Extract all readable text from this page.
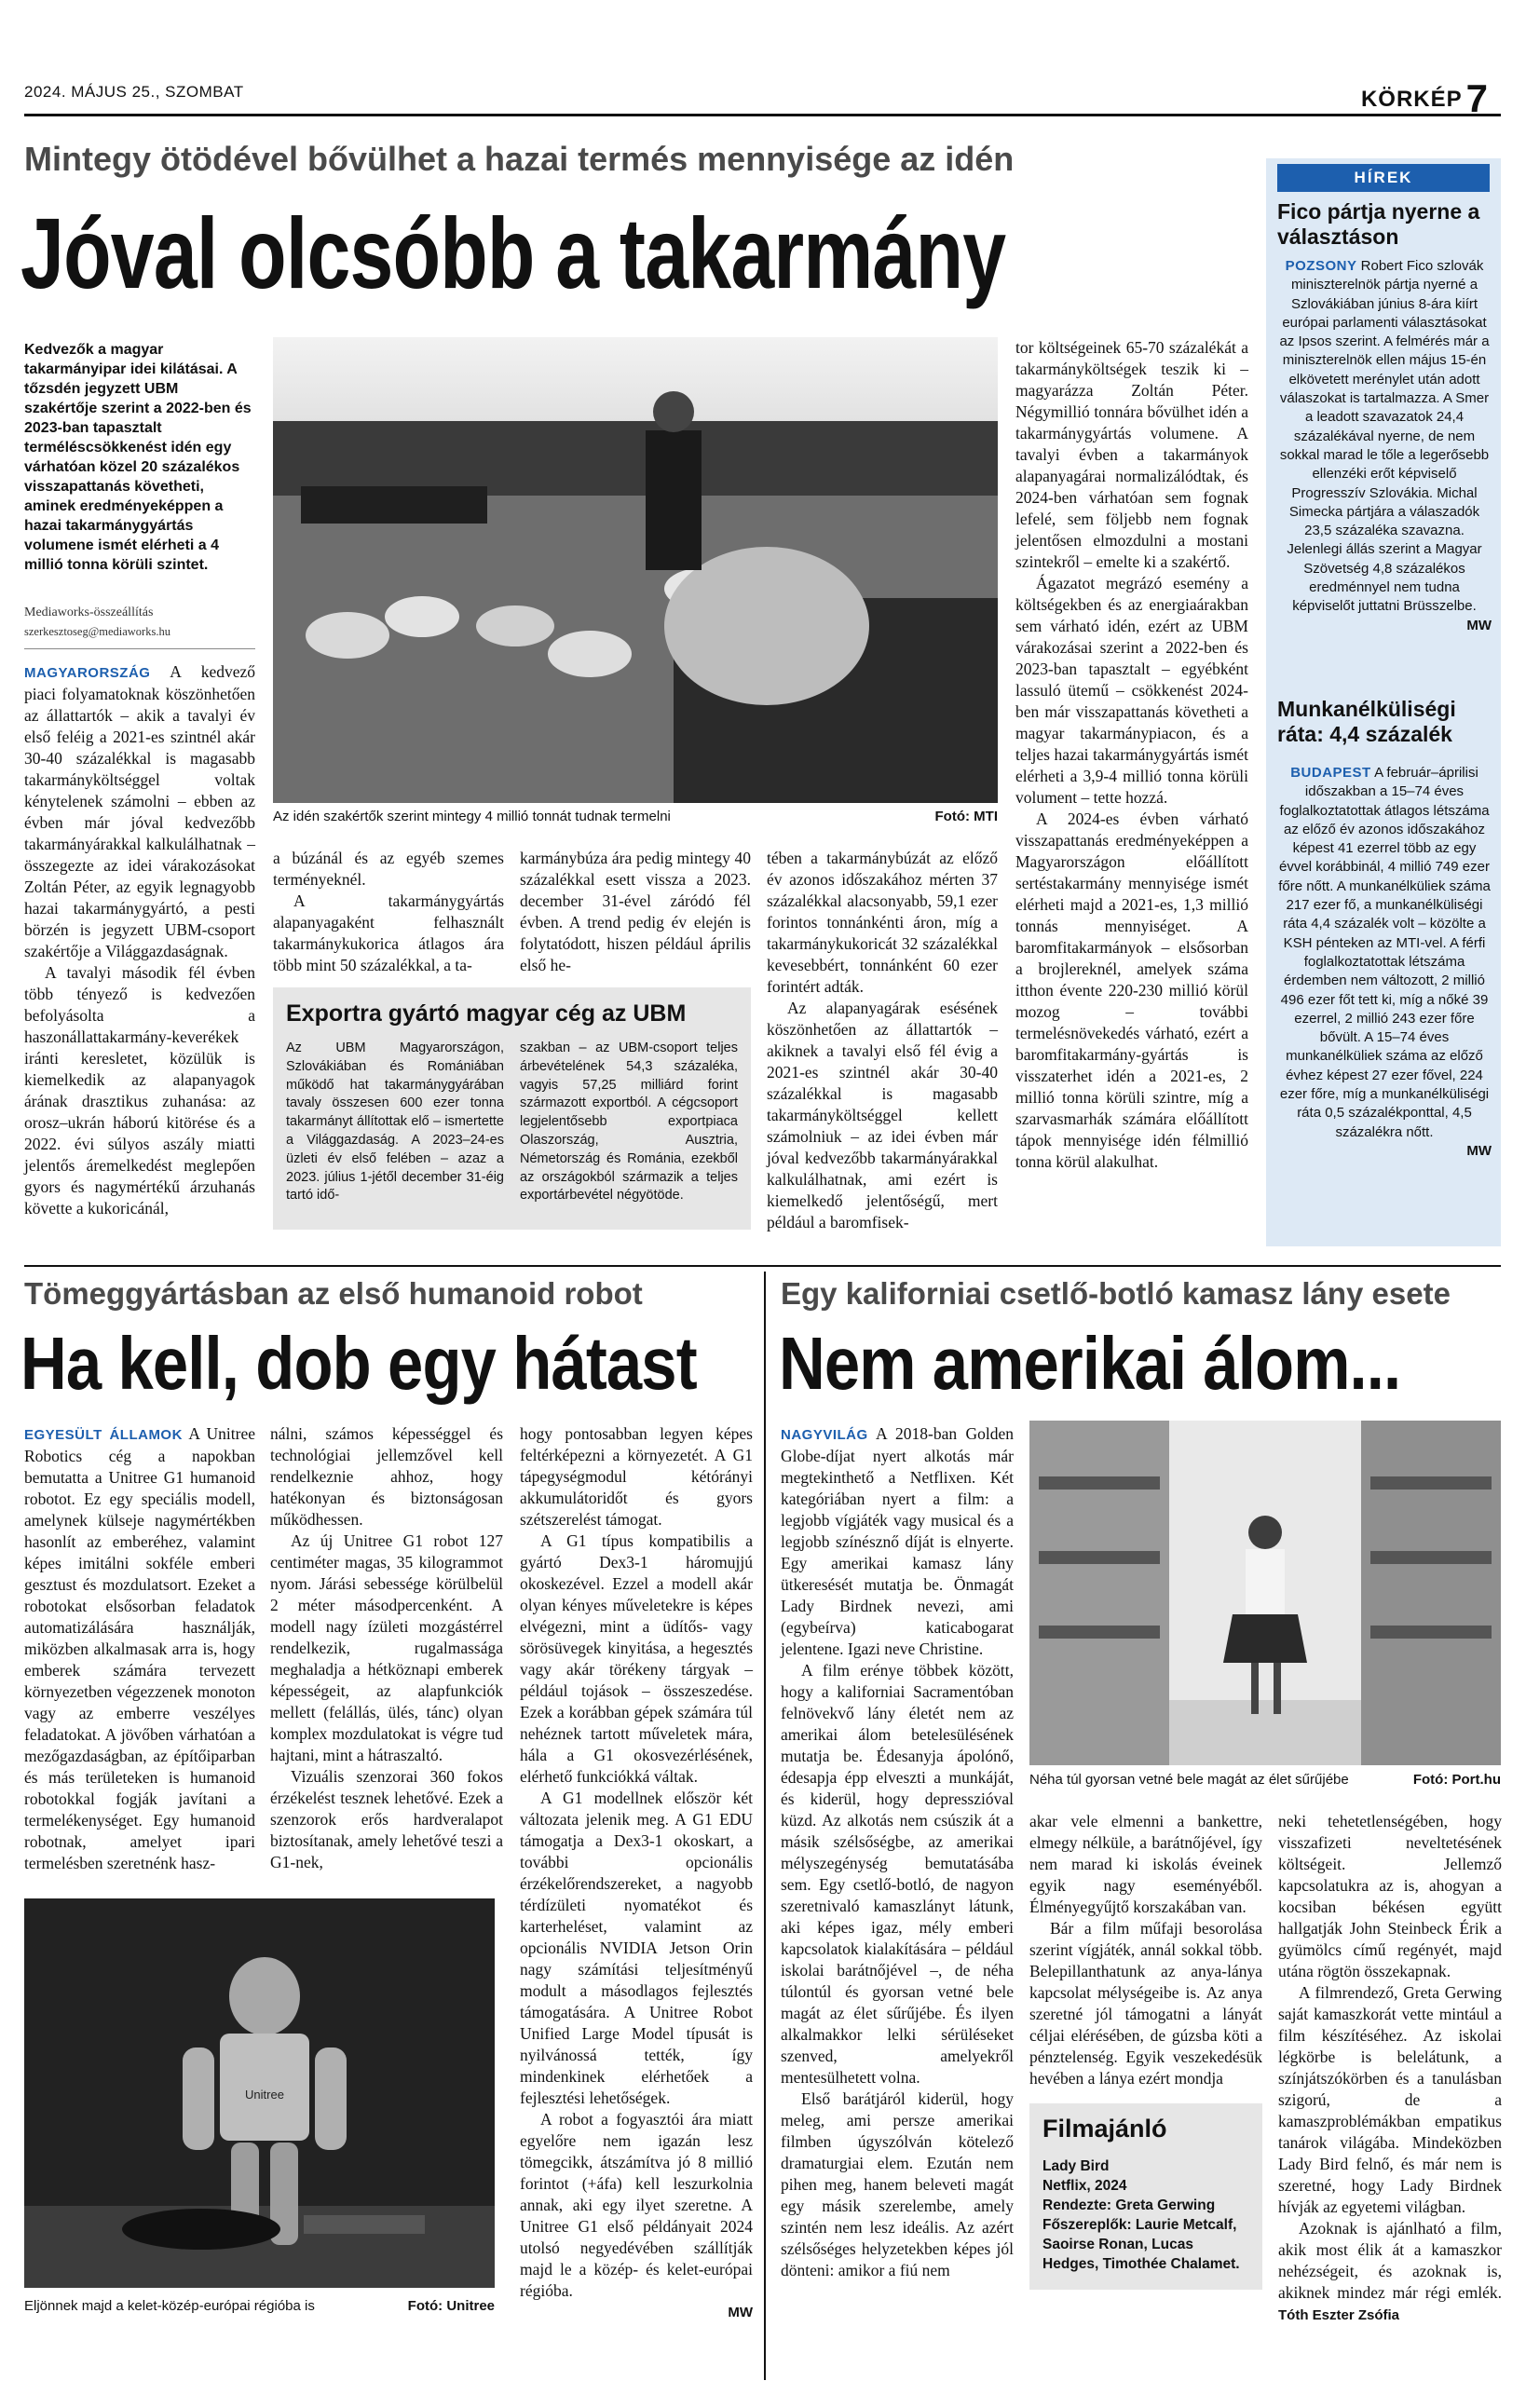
2024. MÁJUS 25., SZOMBAT	KÖRKÉP7
Mintegy ötödével bővülhet a hazai termés mennyisége az idén
Jóval olcsóbb a takarmány
Kedvezők a magyar takarmányipar idei kilátásai. A tőzsdén jegyzett UBM szakértője szerint a 2022-ben és 2023-ban tapasztalt terméléscsökkenést idén egy várhatóan közel 20 százalékos visszapattanás követheti, aminek eredményeképpen a hazai takarmánygyártás volumene ismét elérheti a 4 millió tonna körüli szintet.
Mediaworks-összeállítás
szerkesztoseg@mediaworks.hu

MAGYARORSZÁG A kedvező piaci folyamatoknak köszönhetően az állattartók – akik a tavalyi év első feléig a 2021-es szintnél akár 30-40 százalékkal is magasabb takarmányköltséggel voltak kénytelenek számolni – ebben az évben már jóval kedvezőbb takarmányárakkal kalkulálhatnak – összegezte az idei várakozásokat Zoltán Péter, az egyik legnagyobb hazai takarmánygyártó, a pesti börzén is jegyzett UBM-csoport szakértője a Világgazdaságnak.

A tavalyi második fél évben több tényező is kedvezően befolyásolta a haszonállattakarmány-keverékek iránti keresletet, közülük is kiemelkedik az alapanyagok árának drasztikus zuhanása: az orosz–ukrán háború kitörése és a 2022. évi súlyos aszály miatti jelentős áremelkedést meglepően gyors és nagymértékű árzuhanás követte a kukoricánál,

Az idén szakértők szerint mintegy 4 millió tonnát tudnak termelni	Fotó: MTI

a búzánál és az egyéb szemes terményeknél.

A takarmánygyártás alapanyagaként felhasznált takarmánykukorica átlagos ára több mint 50 százalékkal, a ta-

karmánybúza ára pedig mintegy 40 százalékkal esett vissza a 2023. december 31-ével záródó fél évben. A trend pedig év elején is folytatódott, hiszen például április első he-

Exportra gyártó magyar cég az UBM
Az UBM Magyarországon, Szlovákiában és Romániában működő hat takarmánygyárában tavaly összesen 600 ezer tonna takarmányt állítottak elő – ismertette a Világgazdaság. A 2023–24-es üzleti év első felében – azaz a 2023. július 1-jétől december 31-éig tartó idő-
szakban – az UBM-csoport teljes árbevételének 54,3 százaléka, vagyis 57,25 milliárd forint származott exportból. A cégcsoport legjelentősebb exportpiaca Olaszország, Ausztria, Németország és Románia, ezekből az országokból származik a teljes exportárbevétel négyötöde.

tében a takarmánybúzát az előző év azonos időszakához mérten 37 százalékkal alacsonyabb, 59,1 ezer forintos tonnánkénti áron, míg a takarmánykukoricát 32 százalékkal kevesebbért, tonnánként 60 ezer forintért adták.

Az alapanyagárak esésének köszönhetően az állattartók – akiknek a tavalyi első fél évig a 2021-es szintnél akár 30-40 százalékkal is magasabb takarmányköltséggel kellett számolniuk – az idei évben már jóval kedvezőbb takarmányárakkal kalkulálhatnak, ami ezért is kiemelkedő jelentőségű, mert például a baromfisek-

tor költségeinek 65-70 százalékát a takarmányköltségek teszik ki – magyarázza Zoltán Péter. Négymillió tonnára bővülhet idén a takarmánygyártás volumene. A tavalyi évben a takarmányok alapanyagárai normalizálódtak, és 2024-ben várhatóan sem fognak lefelé, sem följebb nem fognak jelentősen elmozdulni a mostani szintekről – emelte ki a szakértő.

Ágazatot megrázó esemény a költségekben és az energiaárakban sem várható idén, ezért az UBM várakozásai szerint a 2022-ben és 2023-ban tapasztalt – egyébként lassuló ütemű – csökkenést 2024-ben már visszapattanás követheti a magyar takarmánypiacon, és a teljes hazai takarmánygyártás ismét elérheti a 3,9-4 millió tonna körüli volument – tette hozzá.

A 2024-es évben várható visszapattanás eredményeképpen a Magyarországon előállított sertéstakarmány mennyisége ismét elérheti majd a 2021-es, 1,3 millió tonnás mennyiséget. A baromfitakarmányok – elsősorban a brojlereknél, amelyek száma itthon évente 220-230 millió körül mozog – további termelésnövekedés várható, ezért a baromfitakarmány-gyártás is visszaterhet idén a 2021-es, 2 millió tonna körüli szintre, míg a szarvasmarhák számára előállított tápok mennyisége idén félmillió tonna körül alakulhat.

HÍREK
Fico pártja nyerne a választáson
POZSONY Robert Fico szlovák miniszterelnök pártja nyerné a Szlovákiában június 8-ára kiírt európai parlamenti választásokat az Ipsos szerint. A felmérés már a miniszterelnök ellen május 15-én elkövetett merénylet után adott válaszokat is tartalmazza. A Smer a leadott szavazatok 24,4 százalékával nyerne, de nem sokkal marad le tőle a legerősebb ellenzéki erőt képviselő Progresszív Szlovákia. Michal Simecka pártjára a válaszadók 23,5 százaléka szavazna. Jelenlegi állás szerint a Magyar Szövetség 4,8 százalékos eredménnyel nem tudna képviselőt juttatni Brüsszelbe.
MW
Munkanélküliségi ráta: 4,4 százalék
BUDAPEST A február–áprilisi időszakban a 15–74 éves foglalkoztatottak átlagos létszáma az előző év azonos időszakához képest 41 ezerrel több az egy évvel korábbinál, 4 millió 749 ezer főre nőtt. A munkanélküliek száma 217 ezer fő, a munkanélküliségi ráta 4,4 százalék volt – közölte a KSH pénteken az MTI-vel. A férfi foglalkoztatottak létszáma érdemben nem változott, 2 millió 496 ezer főt tett ki, míg a nőké 39 ezerrel, 2 millió 243 ezer főre bővült. A 15–74 éves munkanélküliek száma az előző évhez képest 27 ezer fővel, 224 ezer főre, míg a munkanélküliségi ráta 0,5 százalékponttal, 4,5 százalékra nőtt.
MW
Tömeggyártásban az első humanoid robot
Ha kell, dob egy hátast

EGYESÜLT ÁLLAMOK A Unitree Robotics cég a napokban bemutatta a Unitree G1 humanoid robotot. Ez egy speciális modell, amelynek külseje nagymértékben hasonlít az emberéhez, valamint képes imitálni sokféle emberi gesztust és mozdulatsort. Ezeket a robotokat elsősorban feladatok automatizálására használják, miközben alkalmasak arra is, hogy emberek számára tervezett környezetben végezzenek monoton vagy az emberre veszélyes feladatokat. A jövőben várhatóan a mezőgazdaságban, az építőiparban és más területeken is humanoid robotokkal fogják javítani a termelékenységet. Egy humanoid robotnak, amelyet ipari termelésben szeretnénk hasz-

Unitree
Eljönnek majd a kelet-közép-európai régióba is	Fotó: Unitree

nálni, számos képességgel és technológiai jellemzővel kell rendelkeznie ahhoz, hogy hatékonyan és biztonságosan működhessen.

Az új Unitree G1 robot 127 centiméter magas, 35 kilogrammot nyom. Járási sebessége körülbelül 2 méter másodpercenként. A modell nagy ízületi mozgástérrel rendelkezik, rugalmassága meghaladja a hétköznapi emberek képességeit, az alapfunkciók mellett (felállás, ülés, tánc) olyan komplex mozdulatokat is végre tud hajtani, mint a hátraszaltó.

Vizuális szenzorai 360 fokos érzékelést tesznek lehetővé. Ezek a szenzorok erős hardveralapot biztosítanak, amely lehetővé teszi a G1-nek,

hogy pontosabban legyen képes feltérképezni a környezetét. A G1 tápegységmodul kétórányi akkumulátoridőt és gyors szétszerelést támogat.

A G1 típus kompatibilis a gyártó Dex3-1 háromujjú okoskezével. Ezzel a modell akár olyan kényes műveletekre is képes elvégezni, mint a üdítős- vagy sörösüvegek kinyitása, a hegesztés vagy akár törékeny tárgyak – például tojások – összeszedése. Ezek a korábban gépek számára túl nehéznek tartott műveletek mára, hála a G1 okosvezérlésének, elérhető funkciókká váltak.

A G1 modellnek először két változata jelenik meg. A G1 EDU támogatja a Dex3-1 okoskart, a további opcionális érzékelőrendszereket, a nagyobb térdízületi nyomatékot és karterheléset, valamint az opcionális NVIDIA Jetson Orin nagy számítási teljesítményű modult a másodlagos fejlesztés támogatására. A Unitree Robot Unified Large Model típusát is nyilvánossá tették, így mindenkinek elérhetőek a fejlesztési lehetőségek.

A robot a fogyasztói ára miatt egyelőre nem igazán lesz tömegcikk, átszámítva jó 8 millió forintot (+áfa) kell leszurkolnia annak, aki egy ilyet szeretne. A Unitree G1 első példányait 2024 utolsó negyedévében szállítják majd le a közép- és kelet-európai régióba.

MW
Egy kaliforniai csetlő-botló kamasz lány esete
Nem amerikai álom...

NAGYVILÁG A 2018-ban Golden Globe-díjat nyert alkotás már megtekinthető a Netflixen. Két kategóriában nyert a film: a legjobb vígjáték vagy musical és a legjobb színésznő díját is elnyerte. Egy amerikai kamasz lány ütkeresését mutatja be. Önmagát Lady Birdnek nevezi, ami (egybeírva) katicabogarat jelentene. Igazi neve Christine.

A film erénye többek között, hogy a kaliforniai Sacramentóban felnövekvő lány életét nem az amerikai álom betelesülésének mutatja be. Édesanyja ápolónő, édesapja épp elveszti a munkáját, és kiderül, hogy depresszióval küzd. Az alkotás nem csúszik át a másik szélsőségbe, az amerikai mélyszegénység bemutatásába sem. Egy csetlő-botló, de nagyon szeretnivaló kamaszlányt látunk, aki képes igaz, mély emberi kapcsolatok kialakítására – például iskolai barátnőjével –, de néha túlontúl és gyorsan vetné bele magát az élet sűrűjébe. És ilyen alkalmakkor lelki sérüléseket szenved, amelyekről mentesülhetett volna.

Első barátjáról kiderül, hogy meleg, ami persze amerikai filmben úgyszólván kötelező dramaturgiai elem. Ezután nem pihen meg, hanem beleveti magát egy másik szerelembe, amely szintén nem lesz ideális. Az azért szélsőséges helyzetekben képes jól dönteni: amikor a fiú nem

Néha túl gyorsan vetné bele magát az élet sűrűjébe	Fotó: Port.hu

akar vele elmenni a bankettre, elmegy nélküle, a barátnőjével, így nem marad ki iskolás éveinek egyik nagy eseményéből. Élményegyűjtő korszakában van.

Bár a film műfaji besorolása szerint vígjáték, annál sokkal több. Belepillanthatunk az anya-lánya kapcsolat mélységeibe is. Az anya szeretné jól támogatni a lányát céljai elérésében, de gúzsba köti a pénztelenség. Egyik veszekedésük hevében a lánya ezért mondja

Filmajánló

Lady Bird

Netflix, 2024

Rendezte: Greta Gerwing

Főszereplők: Laurie Metcalf, Saoirse Ronan, Lucas Hedges, Timothée Chalamet.

neki tehetetlenségében, hogy visszafizeti neveltetésének költségeit. Jellemző kapcsolatukra az is, ahogyan a kocsiban békésen együtt hallgatják John Steinbeck Érik a gyümölcs című regényét, majd utána rögtön összekapnak.

A filmrendező, Greta Gerwing saját kamaszkorát vette mintául a film készítéséhez. Az iskolai légkörbe is belelátunk, a színjátszókörben és a tanulásban szigorú, de a kamaszproblémákban empatikus tanárok világába. Mindeközben Lady Bird felnő, és már nem is szeretné, hogy Lady Birdnek hívják az egyetemi világban.

Azoknak is ajánlható a film, akik most élik át a kamaszkor nehézségeit, és azoknak is, akiknek mindez már régi emlék. Tóth Eszter Zsófia
